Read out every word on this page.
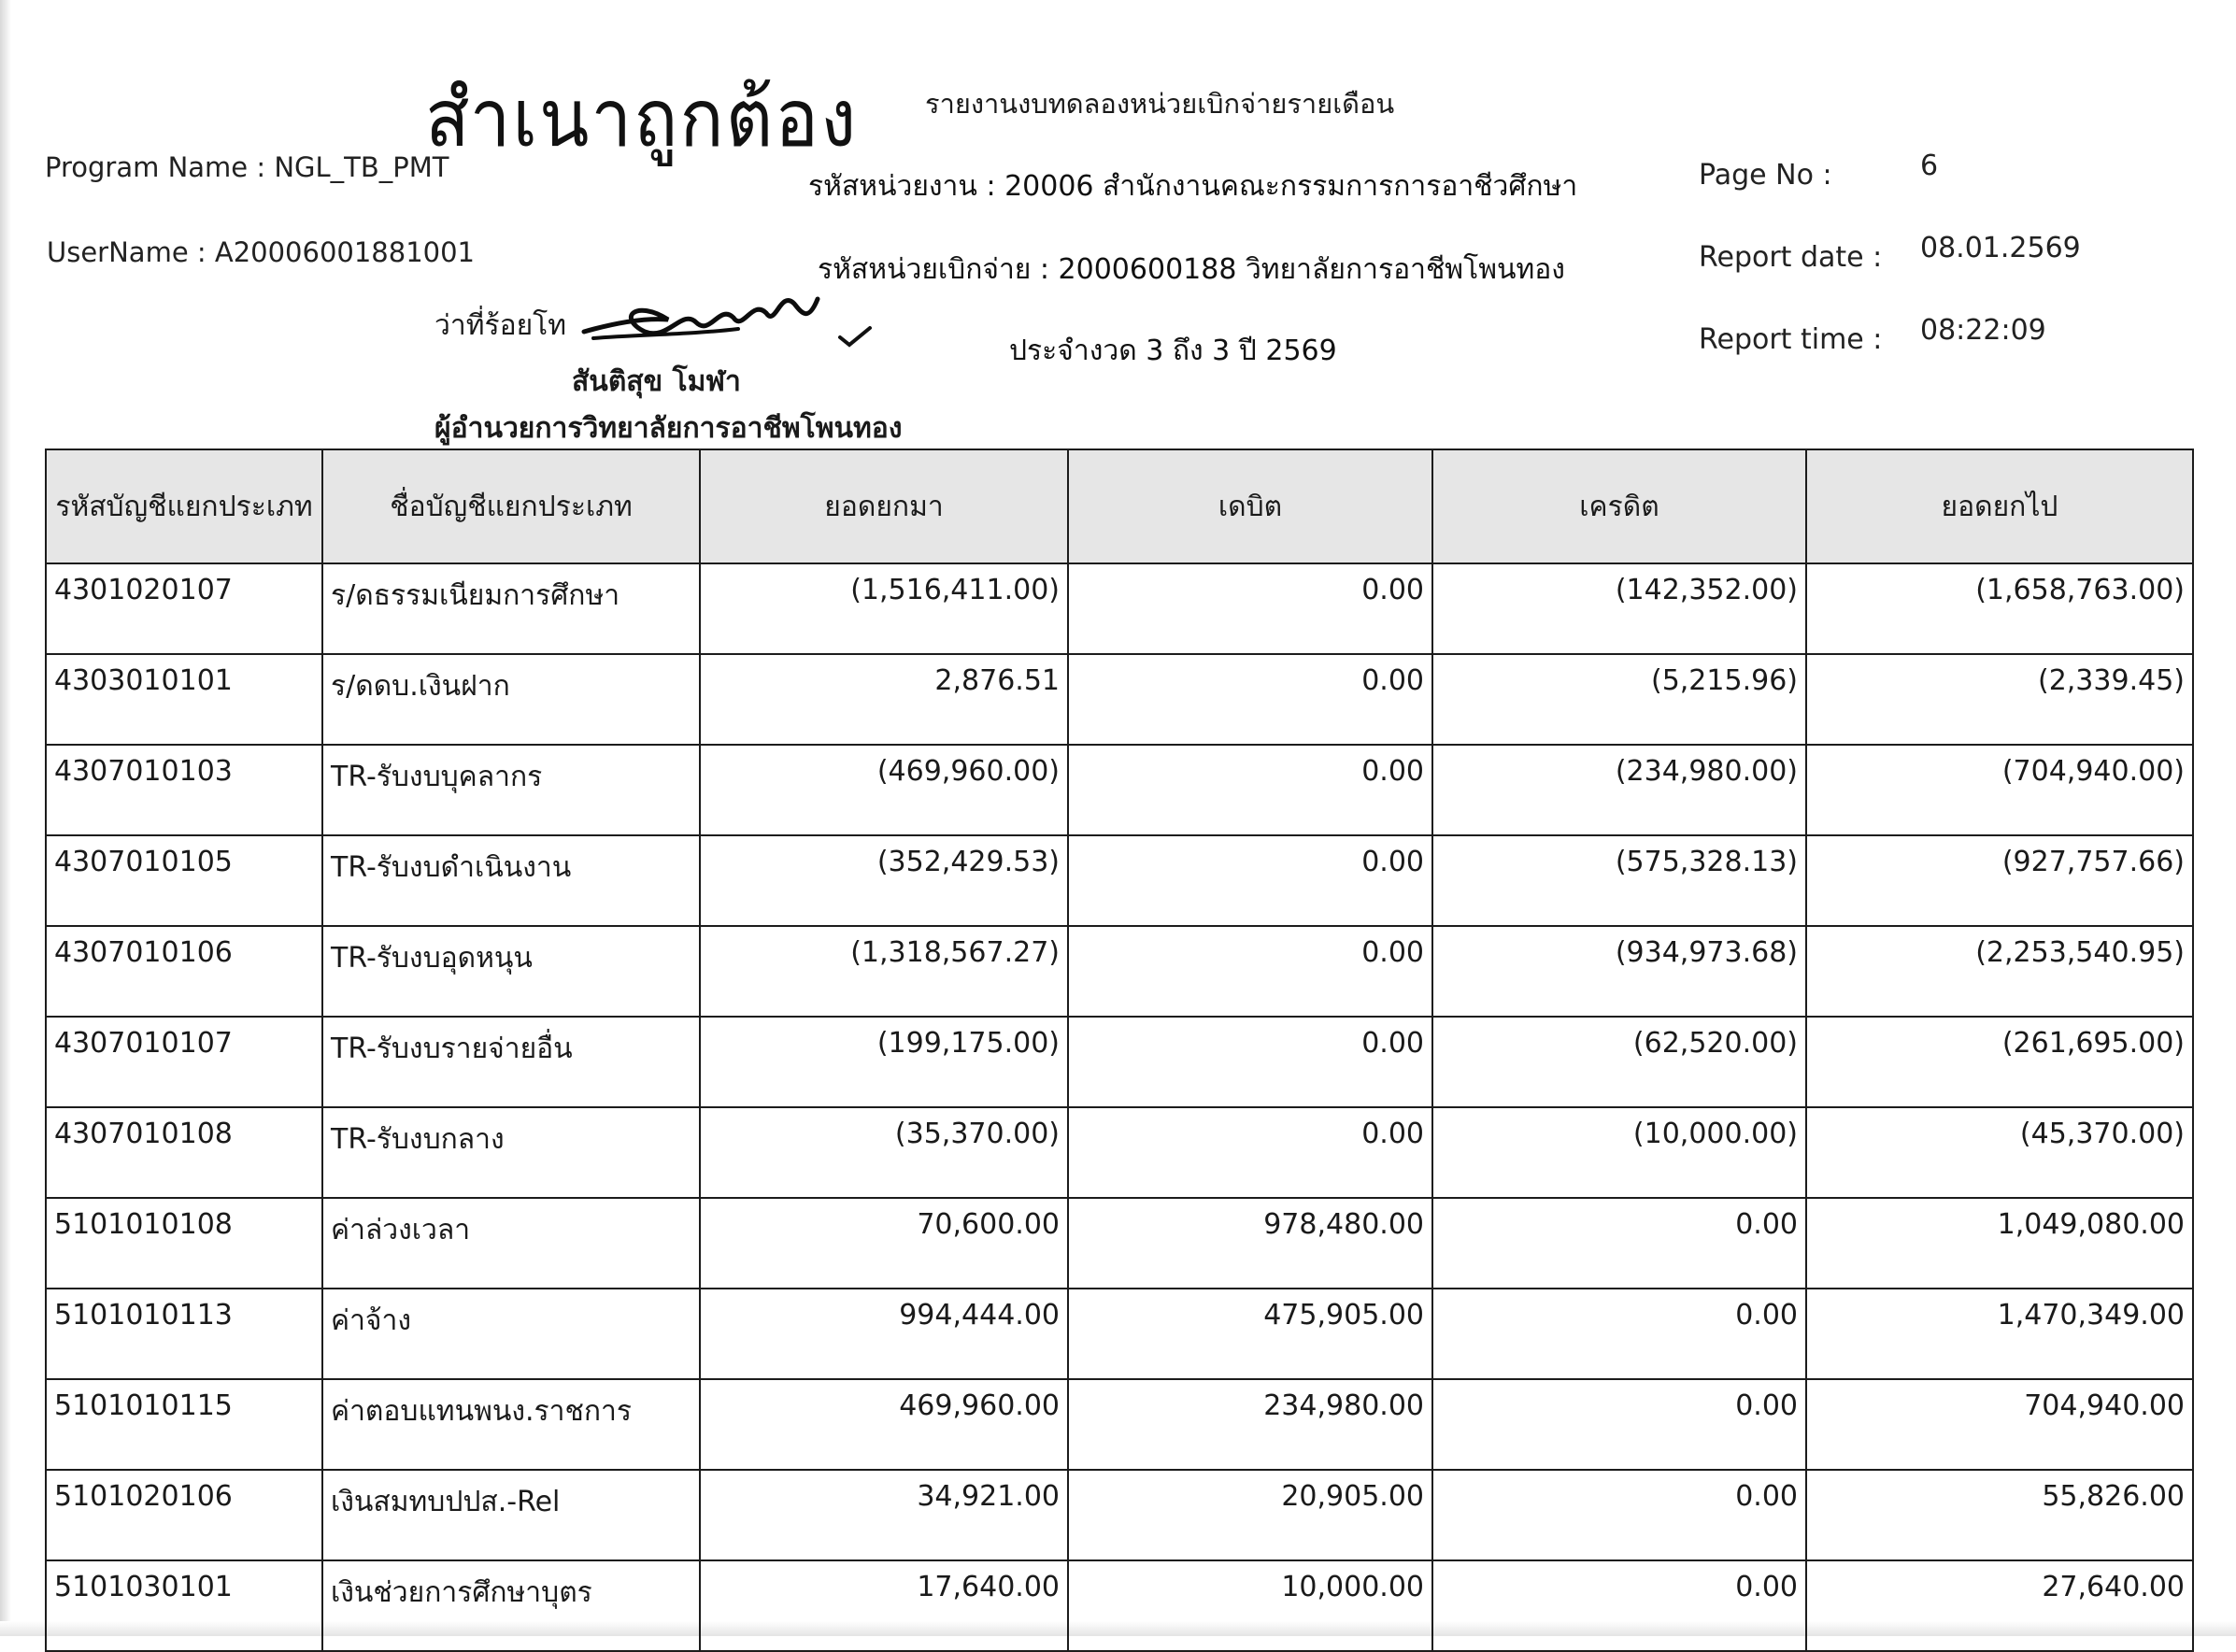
สำเนาถูกต้อง รายงานงบทดลองหน่วยเบิกจ่ายรายเดือน
Program Name : NGL_TB_PMT
UserName : A20006001881001
รหัสหน่วยงาน : 20006 สำนักงานคณะกรรมการการอาชีวศึกษา
รหัสหน่วยเบิกจ่าย : 2000600188 วิทยาลัยการอาชีพโพนทอง
ประจำงวด 3 ถึง 3 ปี 2569
Page No :	6
Report date : 08.01.2569
Report time : 08:22:09
ว่าที่ร้อยโท
สันติสุข โมฬา
ผู้อำนวยการวิทยาลัยการอาชีพโพนทอง
รหัสบัญชีแยกประเภท	ชื่อบัญชีแยกประเภท	ยอดยกมา	เดบิต	เครดิต	ยอดยกไป
4301020107	ร/ดธรรมเนียมการศึกษา	(1,516,411.00)	0.00	(142,352.00)	(1,658,763.00)
4303010101	ร/ดดบ.เงินฝาก	2,876.51	0.00	(5,215.96)	(2,339.45)
4307010103	TR-รับงบบุคลากร	(469,960.00)	0.00	(234,980.00)	(704,940.00)
4307010105	TR-รับงบดำเนินงาน	(352,429.53)	0.00	(575,328.13)	(927,757.66)
4307010106	TR-รับงบอุดหนุน	(1,318,567.27)	0.00	(934,973.68)	(2,253,540.95)
4307010107	TR-รับงบรายจ่ายอื่น	(199,175.00)	0.00	(62,520.00)	(261,695.00)
4307010108	TR-รับงบกลาง	(35,370.00)	0.00	(10,000.00)	(45,370.00)
5101010108	ค่าล่วงเวลา	70,600.00	978,480.00	0.00	1,049,080.00
5101010113	ค่าจ้าง	994,444.00	475,905.00	0.00	1,470,349.00
5101010115	ค่าตอบแทนพนง.ราชการ	469,960.00	234,980.00	0.00	704,940.00
5101020106	เงินสมทบปปส.-Rel	34,921.00	20,905.00	0.00	55,826.00
5101030101	เงินช่วยการศึกษาบุตร	17,640.00	10,000.00	0.00	27,640.00
